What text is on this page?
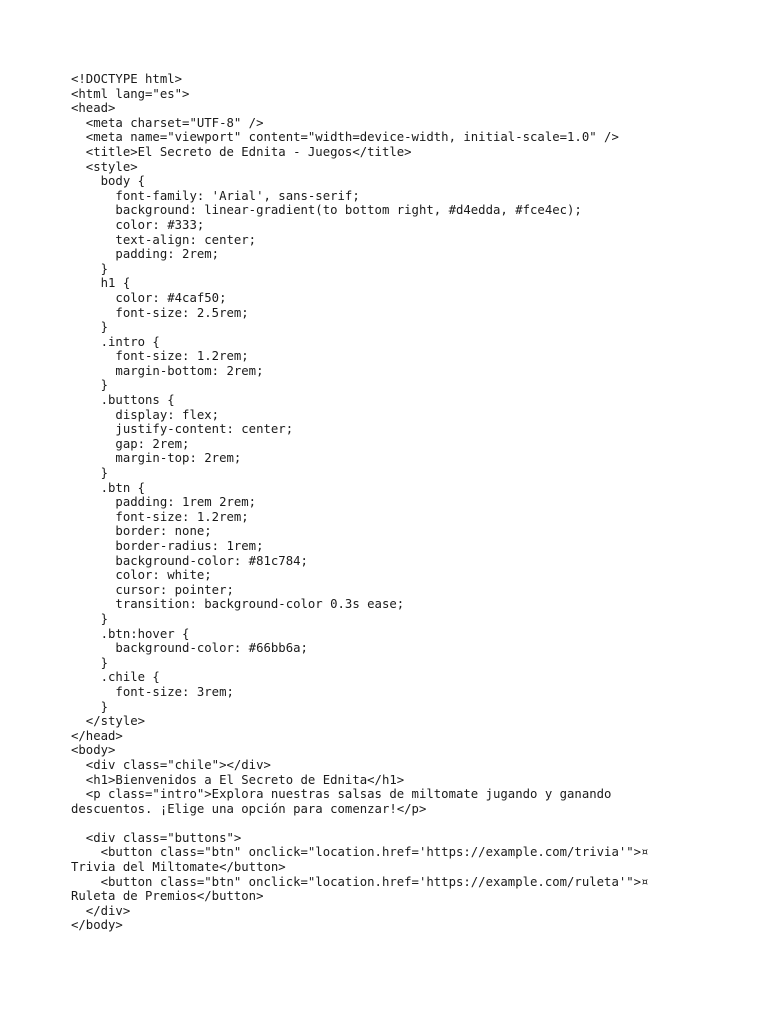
<!DOCTYPE html>
<html lang="es">
<head>
<meta charset="UTF-8" />
<meta name="viewport" content="width=device-width, initial-scale=1.0" />
<title>El Secreto de Ednita - Juegos</title>
<style>
body {
font-family: 'Arial', sans-serif;
background: linear-gradient(to bottom right, #d4edda, #fce4ec);
color: #333;
text-align: center;
padding: 2rem;
}
h1 {
color: #4caf50;
font-size: 2.5rem;
}
.intro {
font-size: 1.2rem;
margin-bottom: 2rem;
}
.buttons {
display: flex;
justify-content: center;
gap: 2rem;
margin-top: 2rem;
}
.btn {
padding: 1rem 2rem;
font-size: 1.2rem;
border: none;
border-radius: 1rem;
background-color: #81c784;
color: white;
cursor: pointer;
transition: background-color 0.3s ease;
}
.btn:hover {
background-color: #66bb6a;
}
.chile {
font-size: 3rem;
}
</style>
</head>
<body>
<div class="chile"></div>
<h1>Bienvenidos a El Secreto de Ednita</h1>
<p class="intro">Explora nuestras salsas de miltomate jugando y ganando
descuentos. ¡Elige una opción para comenzar!</p>
<div class="buttons">
<button class="btn" onclick="location.href='https://example.com/trivia'">¤
Trivia del Miltomate</button>
<button class="btn" onclick="location.href='https://example.com/ruleta'">¤
Ruleta de Premios</button>
</div>
</body>
